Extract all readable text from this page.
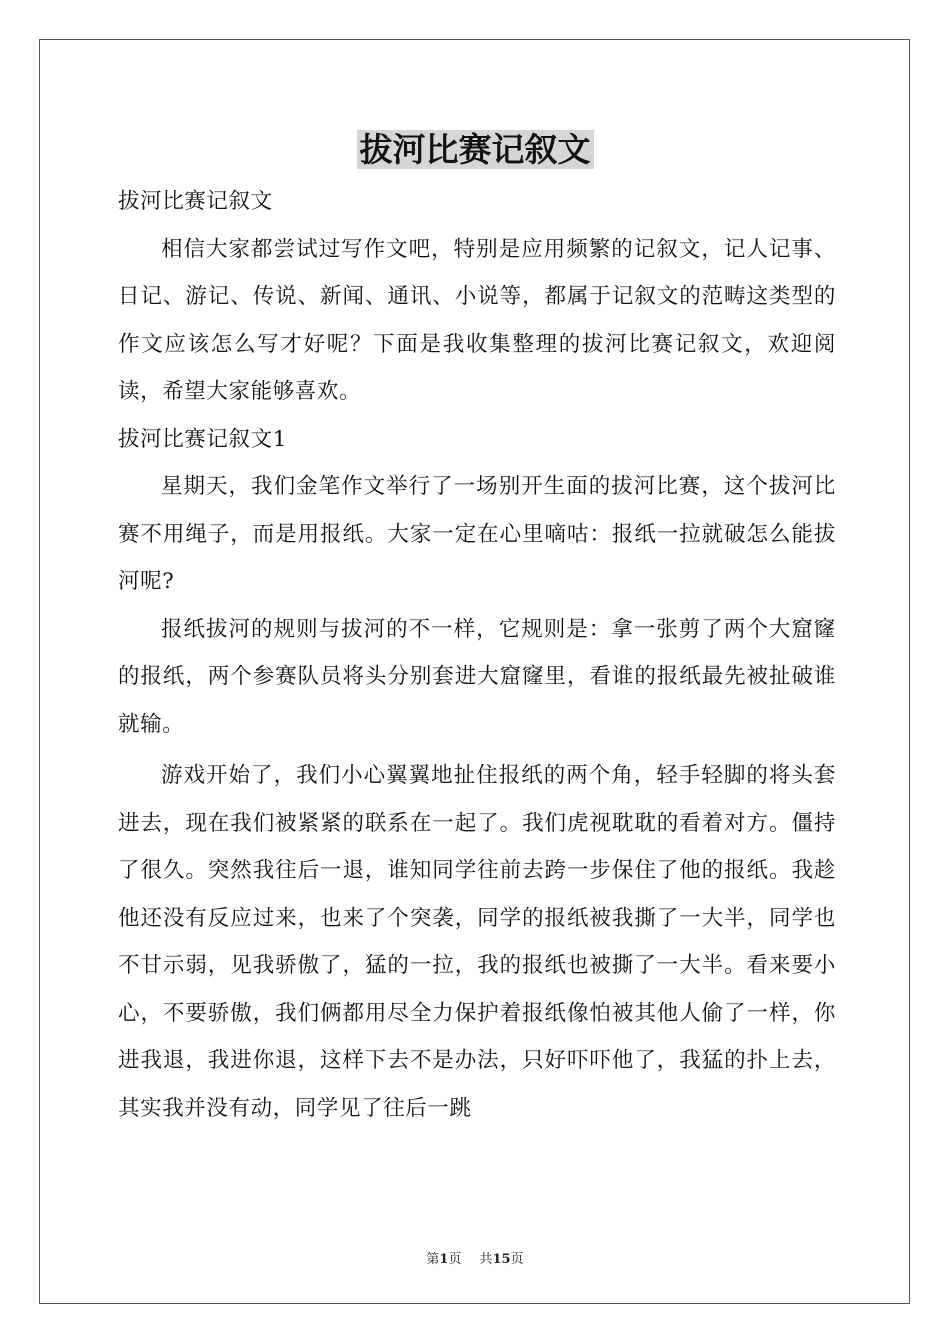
拔河比赛记叙文

拔河比赛记叙文

相信大家都尝试过写作文吧，特别是应用频繁的记叙文，记人记事、日记、游记、传说、新闻、通讯、小说等，都属于记叙文的范畴这类型的作文应该怎么写才好呢？下面是我收集整理的拔河比赛记叙文，欢迎阅读，希望大家能够喜欢。

拔河比赛记叙文1

星期天，我们金笔作文举行了一场别开生面的拔河比赛，这个拔河比赛不用绳子，而是用报纸。大家一定在心里嘀咕：报纸一拉就破怎么能拔河呢?

报纸拔河的规则与拔河的不一样，它规则是：拿一张剪了两个大窟窿的报纸，两个参赛队员将头分别套进大窟窿里，看谁的报纸最先被扯破谁就输。

游戏开始了，我们小心翼翼地扯住报纸的两个角，轻手轻脚的将头套进去，现在我们被紧紧的联系在一起了。我们虎视耽耽的看着对方。僵持了很久。突然我往后一退，谁知同学往前去跨一步保住了他的报纸。我趁他还没有反应过来，也来了个突袭，同学的报纸被我撕了一大半，同学也不甘示弱，见我骄傲了，猛的一拉，我的报纸也被撕了一大半。看来要小心，不要骄傲，我们俩都用尽全力保护着报纸像怕被其他人偷了一样，你进我退，我进你退，这样下去不是办法，只好吓吓他了，我猛的扑上去，其实我并没有动，同学见了往后一跳

第1页 共15页
